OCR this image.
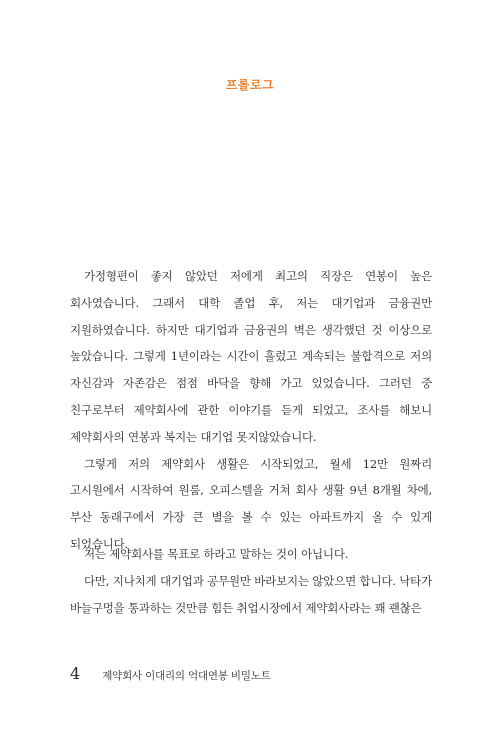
프롤로그

가정형편이 좋지 않았던 저에게 최고의 직장은 연봉이 높은 회사였습니다. 그래서 대학 졸업 후, 저는 대기업과 금융권만 지원하였습니다. 하지만 대기업과 금융권의 벽은 생각했던 것 이상으로 높았습니다. 그렇게 1년이라는 시간이 흘렀고 계속되는 불합격으로 저의 자신감과 자존감은 점점 바닥을 향해 가고 있었습니다. 그러던 중 친구로부터 제약회사에 관한 이야기를 듣게 되었고, 조사를 해보니 제약회사의 연봉과 복지는 대기업 못지않았습니다.

그렇게 저의 제약회사 생활은 시작되었고, 월세 12만 원짜리 고시원에서 시작하여 원룸, 오피스텔을 거쳐 회사 생활 9년 8개월 차에, 부산 동래구에서 가장 큰 별을 볼 수 있는 아파트까지 올 수 있게 되었습니다.

저는 제약회사를 목표로 하라고 말하는 것이 아닙니다.

다만, 지나치게 대기업과 공무원만 바라보지는 않았으면 합니다. 낙타가 바늘구멍을 통과하는 것만큼 힘든 취업시장에서 제약회사라는 꽤 괜찮은

4 제약회사 이대리의 억대연봉 비밀노트
